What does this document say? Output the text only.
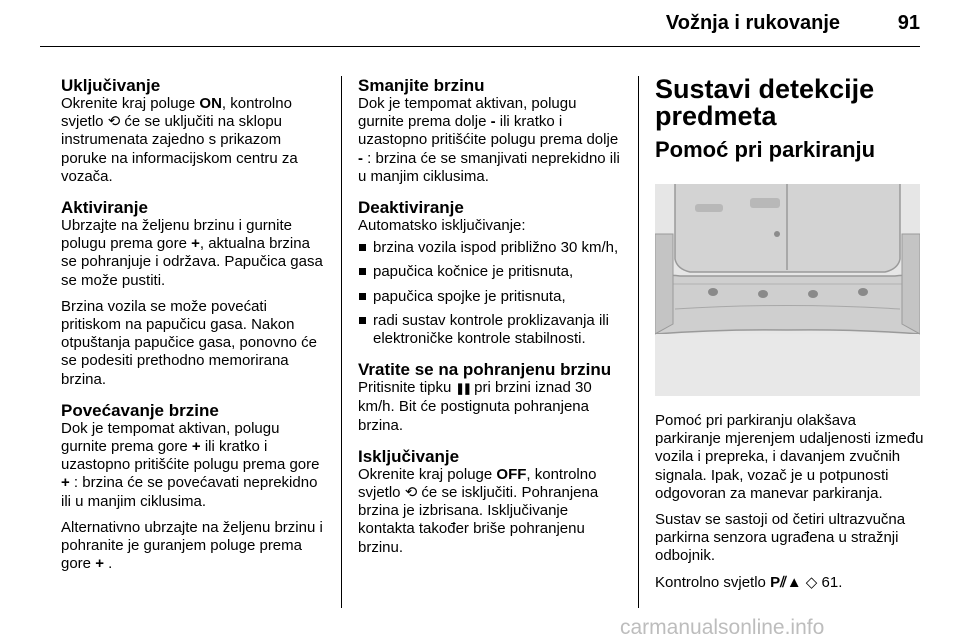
Vožnja i rukovanje	91
Uključivanje

Okrenite kraj poluge ON, kontrolno svjetlo ⟲ će se uključiti na sklopu instrumenata zajedno s prikazom poruke na informacijskom centru za vozača.

Aktiviranje

Ubrzajte na željenu brzinu i gurnite polugu prema gore +, aktualna brzina se pohranjuje i održava. Papučica gasa se može pustiti.

Brzina vozila se može povećati pritiskom na papučicu gasa. Nakon otpuštanja papučice gasa, ponovno će se podesiti prethodno memorirana brzina.

Povećavanje brzine

Dok je tempomat aktivan, polugu gurnite prema gore + ili kratko i uzastopno pritišćite polugu prema gore + : brzina će se povećavati neprekidno ili u manjim ciklusima.

Alternativno ubrzajte na željenu brzinu i pohranite je guranjem poluge prema gore + .

Smanjite brzinu

Dok je tempomat aktivan, polugu gurnite prema dolje - ili kratko i uzastopno pritišćite polugu prema dolje - : brzina će se smanjivati neprekidno ili u manjim ciklusima.

Deaktiviranje

Automatsko isključivanje:

brzina vozila ispod približno 30 km/h,
papučica kočnice je pritisnuta,
papučica spojke je pritisnuta,
radi sustav kontrole proklizavanja ili elektroničke kontrole stabilnosti.
Vratite se na pohranjenu brzinu

Pritisnite tipku ❚❚ pri brzini iznad 30 km/h. Bit će postignuta pohranjena brzina.

Isključivanje

Okrenite kraj poluge OFF, kontrolno svjetlo ⟲ će se isključiti. Pohranjena brzina je izbrisana. Isključivanje kontakta također briše pohranjenu brzinu.

Sustavi detekcije predmeta
Pomoć pri parkiranju

Pomoć pri parkiranju olakšava parkiranje mjerenjem udaljenosti između vozila i prepreka, i davanjem zvučnih signala. Ipak, vozač je u potpunosti odgovoran za manevar parkiranja.

Sustav se sastoji od četiri ultrazvučna parkirna senzora ugrađena u stražnji odbojnik.

Kontrolno svjetlo P⫽▲ ◇ 61.

carmanualsonline.info
